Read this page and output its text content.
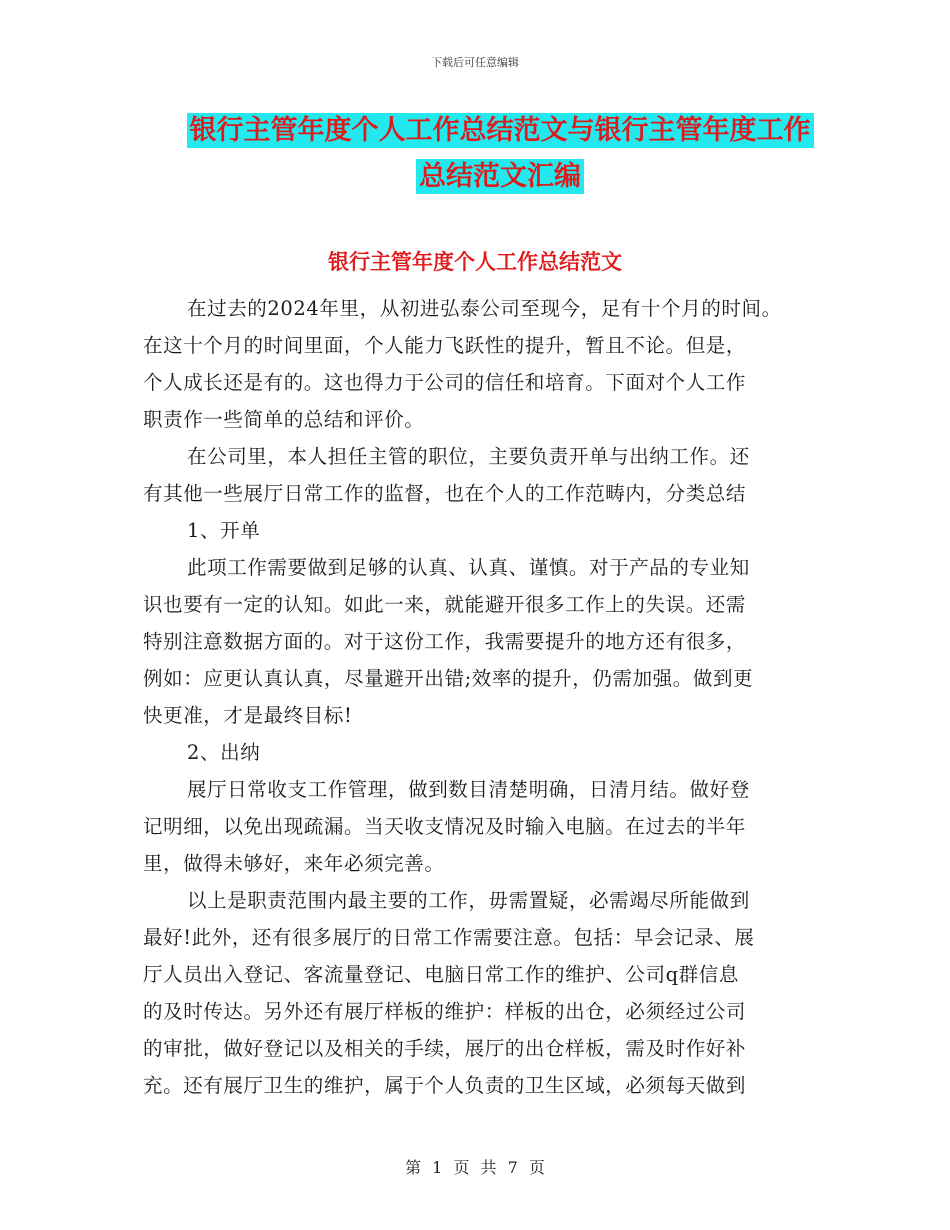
下载后可任意编辑
银行主管年度个人工作总结范文与银行主管年度工作
总结范文汇编
银行主管年度个人工作总结范文
在过去的2024年里，从初进弘泰公司至现今，足有十个月的时间。
在这十个月的时间里面，个人能力飞跃性的提升，暂且不论。但是，
个人成长还是有的。这也得力于公司的信任和培育。下面对个人工作
职责作一些简单的总结和评价。
在公司里，本人担任主管的职位，主要负责开单与出纳工作。还
有其他一些展厅日常工作的监督，也在个人的工作范畴内，分类总结
1、开单
此项工作需要做到足够的认真、认真、谨慎。对于产品的专业知
识也要有一定的认知。如此一来，就能避开很多工作上的失误。还需
特别注意数据方面的。对于这份工作，我需要提升的地方还有很多，
例如：应更认真认真，尽量避开出错;效率的提升，仍需加强。做到更
快更准，才是最终目标!
2、出纳
展厅日常收支工作管理，做到数目清楚明确，日清月结。做好登
记明细，以免出现疏漏。当天收支情况及时输入电脑。在过去的半年
里，做得未够好，来年必须完善。
以上是职责范围内最主要的工作，毋需置疑，必需竭尽所能做到
最好!此外，还有很多展厅的日常工作需要注意。包括：早会记录、展
厅人员出入登记、客流量登记、电脑日常工作的维护、公司q群信息
的及时传达。另外还有展厅样板的维护：样板的出仓，必须经过公司
的审批，做好登记以及相关的手续，展厅的出仓样板，需及时作好补
充。还有展厅卫生的维护，属于个人负责的卫生区域，必须每天做到
第 1 页 共 7 页
